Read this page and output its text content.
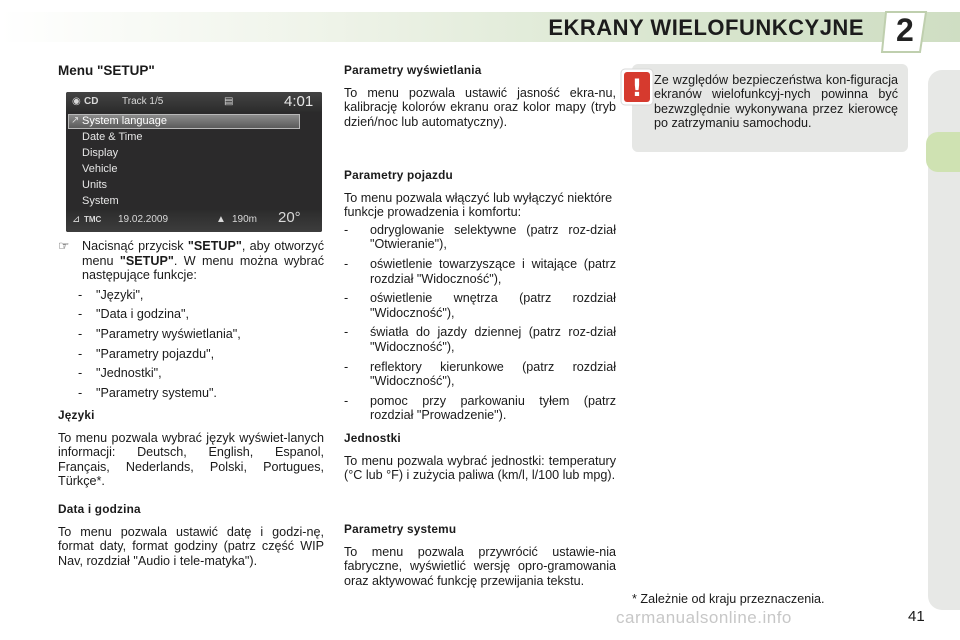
EKRANY WIELOFUNKCYJNE 2
Menu "SETUP"
◉ CD Track 1/5	▤	4:01
↗ System language
Date & Time
Display
Vehicle
Units
System
⊿ TMC 19.02.2009	▲ 190m 20°
☞ Nacisnąć przycisk "SETUP", aby otworzyć menu "SETUP". W menu można wybrać następujące funkcje:
- "Języki",
- "Data i godzina",
- "Parametry wyświetlania",
- "Parametry pojazdu",
- "Jednostki",
- "Parametry systemu".
Języki

To menu pozwala wybrać język wyświet-lanych informacji: Deutsch, English, Espanol, Français, Nederlands, Polski, Portugues, Türkçe*.

Data i godzina

To menu pozwala ustawić datę i godzi-nę, format daty, format godziny (patrz część WIP Nav, rozdział "Audio i tele-matyka").

Parametry wyświetlania

To menu pozwala ustawić jasność ekra-nu, kalibrację kolorów ekranu oraz kolor mapy (tryb dzień/noc lub automatyczny).

Parametry pojazdu

To menu pozwala włączyć lub wyłączyć niektóre funkcje prowadzenia i komfortu:

- odryglowanie selektywne (patrz roz-dział "Otwieranie"),
- oświetlenie towarzyszące i witające (patrz rozdział "Widoczność"),
- oświetlenie wnętrza (patrz rozdział "Widoczność"),
- światła do jazdy dziennej (patrz roz-dział "Widoczność"),
- reflektory kierunkowe (patrz rozdział "Widoczność"),
- pomoc przy parkowaniu tyłem (patrz rozdział "Prowadzenie").
Jednostki

To menu pozwala wybrać jednostki: temperatury (°C lub °F) i zużycia paliwa (km/l, l/100 lub mpg).

Parametry systemu

To menu pozwala przywrócić ustawie-nia fabryczne, wyświetlić wersję opro-gramowania oraz aktywować funkcję przewijania tekstu.

! Ze względów bezpieczeństwa kon-figuracja ekranów wielofunkcyj-nych powinna być bezwzględnie wykonywana przez kierowcę po zatrzymaniu samochodu.
* Zależnie od kraju przeznaczenia.
41
carmanualsonline.info
